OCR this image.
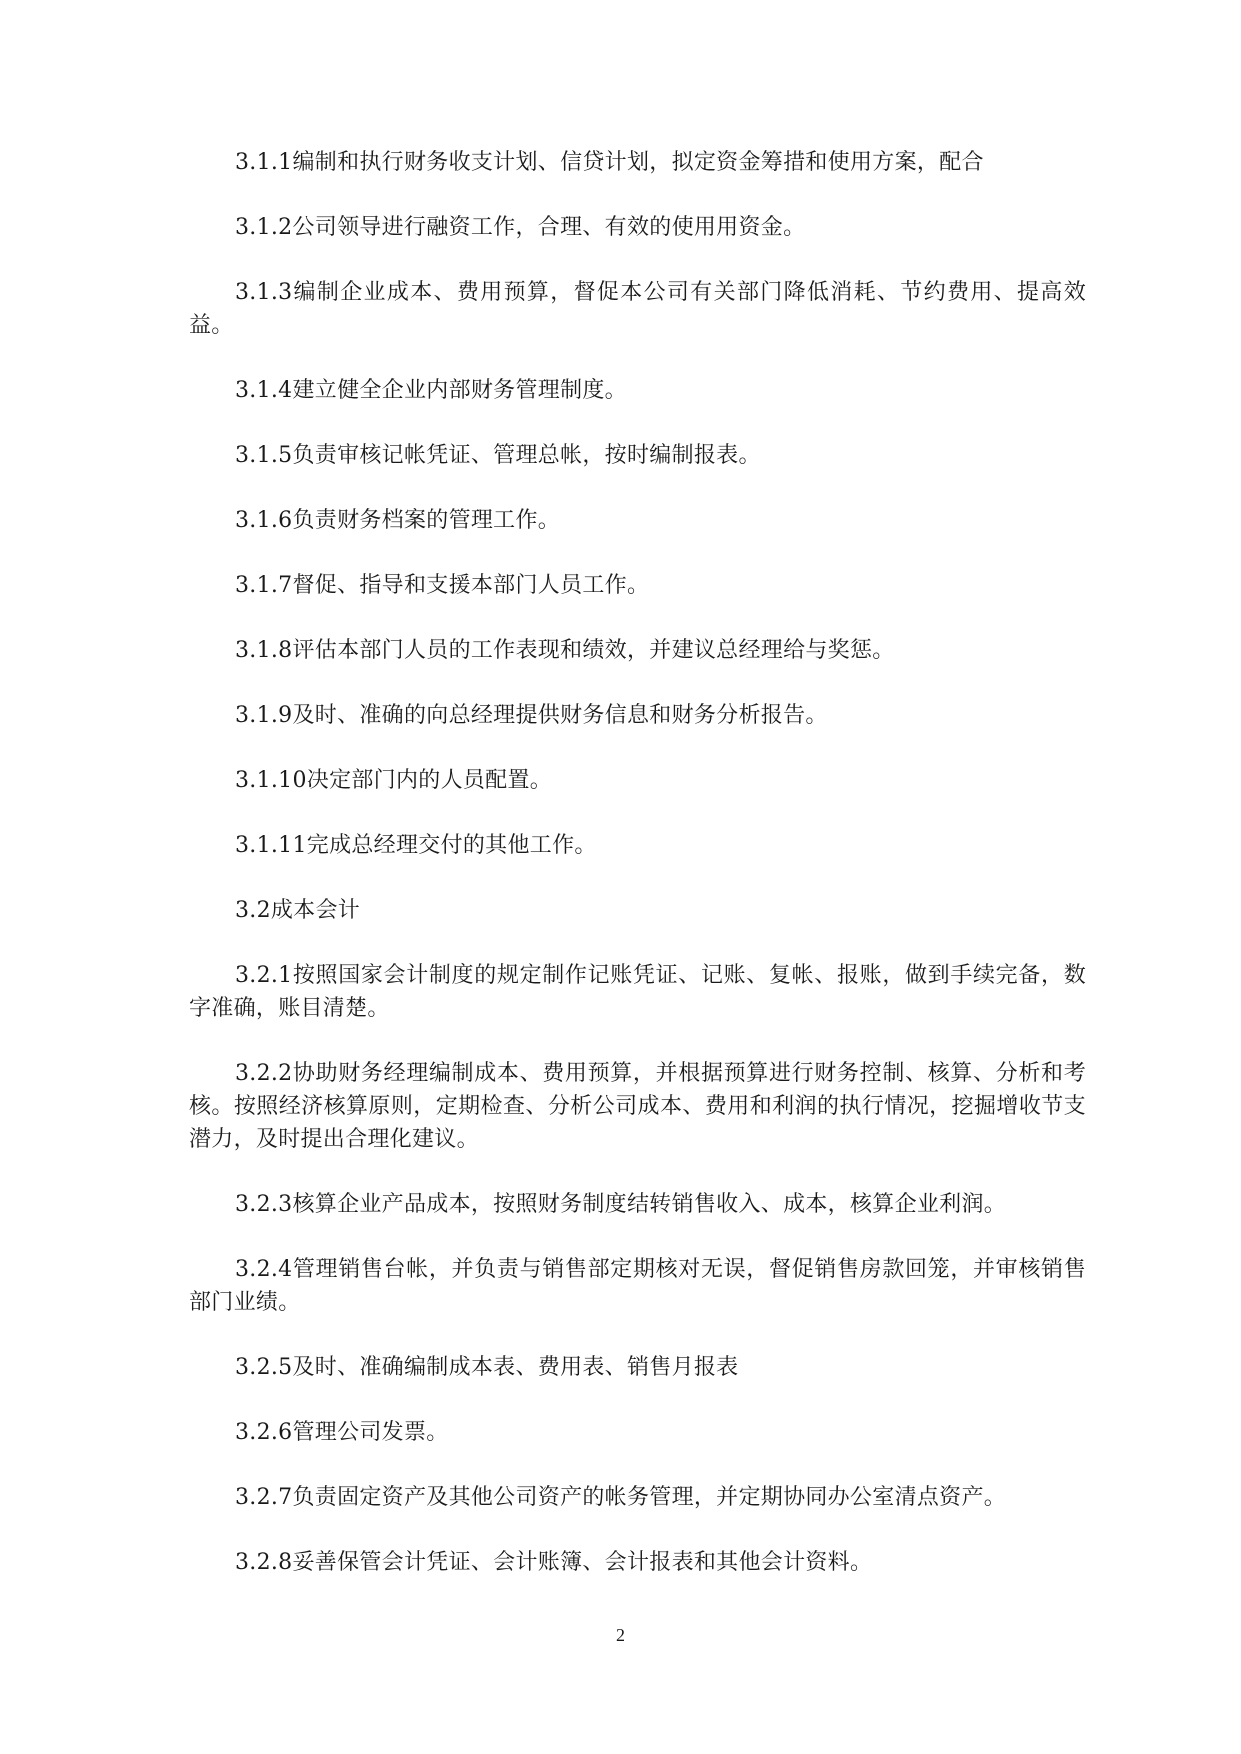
3.1.1编制和执行财务收支计划、信贷计划，拟定资金筹措和使用方案，配合

3.1.2公司领导进行融资工作，合理、有效的使用用资金。

3.1.3编制企业成本、费用预算，督促本公司有关部门降低消耗、节约费用、提高效益。

3.1.4建立健全企业内部财务管理制度。

3.1.5负责审核记帐凭证、管理总帐，按时编制报表。

3.1.6负责财务档案的管理工作。

3.1.7督促、指导和支援本部门人员工作。

3.1.8评估本部门人员的工作表现和绩效，并建议总经理给与奖惩。

3.1.9及时、准确的向总经理提供财务信息和财务分析报告。

3.1.10决定部门内的人员配置。

3.1.11完成总经理交付的其他工作。

3.2成本会计

3.2.1按照国家会计制度的规定制作记账凭证、记账、复帐、报账，做到手续完备，数字准确，账目清楚。

3.2.2协助财务经理编制成本、费用预算，并根据预算进行财务控制、核算、分析和考核。按照经济核算原则，定期检查、分析公司成本、费用和利润的执行情况，挖掘增收节支潜力，及时提出合理化建议。

3.2.3核算企业产品成本，按照财务制度结转销售收入、成本，核算企业利润。

3.2.4管理销售台帐，并负责与销售部定期核对无误，督促销售房款回笼，并审核销售部门业绩。

3.2.5及时、准确编制成本表、费用表、销售月报表

3.2.6管理公司发票。

3.2.7负责固定资产及其他公司资产的帐务管理，并定期协同办公室清点资产。

3.2.8妥善保管会计凭证、会计账簿、会计报表和其他会计资料。

2
